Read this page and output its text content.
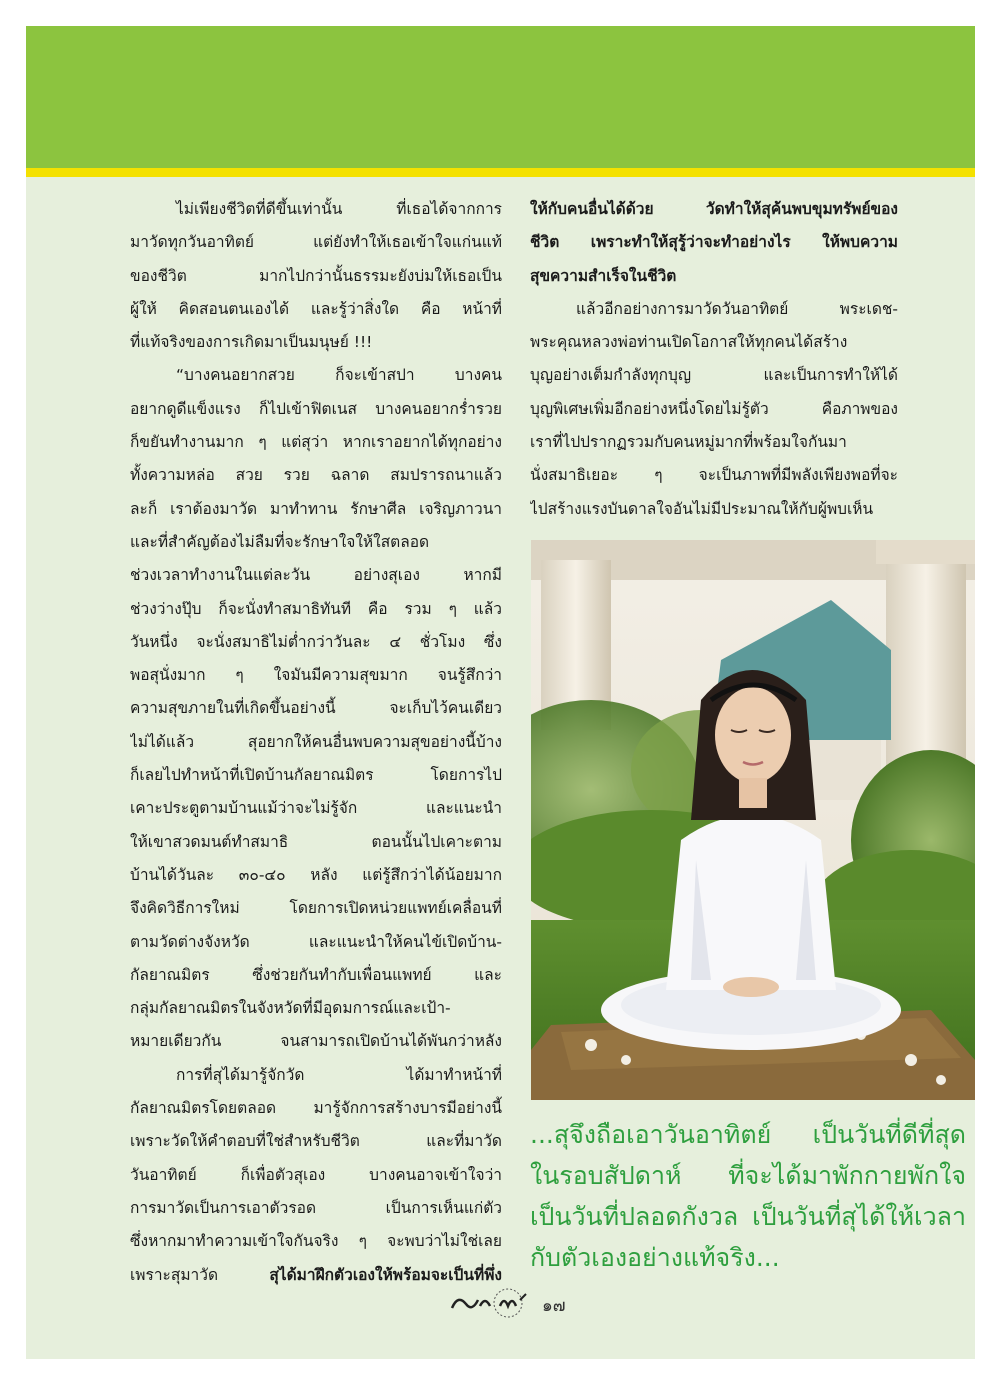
ไม่เพียงชีวิตที่ดีขึ้นเท่านั้น ที่เธอได้จากการ
มาวัดทุกวันอาทิตย์ แต่ยังทำให้เธอเข้าใจแก่นแท้
ของชีวิต มากไปกว่านั้นธรรมะยังบ่มให้เธอเป็น
ผู้ให้ คิดสอนตนเองได้ และรู้ว่าสิ่งใด คือ หน้าที่
ที่แท้จริงของการเกิดมาเป็นมนุษย์ !!!
“บางคนอยากสวย ก็จะเข้าสปา บางคน
อยากดูดีแข็งแรง ก็ไปเข้าฟิตเนส บางคนอยากร่ำรวย
ก็ขยันทำงานมาก ๆ แต่สุว่า หากเราอยากได้ทุกอย่าง
ทั้งความหล่อ สวย รวย ฉลาด สมปรารถนาแล้ว
ละก็ เราต้องมาวัด มาทำทาน รักษาศีล เจริญภาวนา
และที่สำคัญต้องไม่ลืมที่จะรักษาใจให้ใสตลอด
ช่วงเวลาทำงานในแต่ละวัน อย่างสุเอง หากมี
ช่วงว่างปุ๊บ ก็จะนั่งทำสมาธิทันที คือ รวม ๆ แล้ว
วันหนึ่ง จะนั่งสมาธิไม่ต่ำกว่าวันละ ๔ ชั่วโมง ซึ่ง
พอสุนั่งมาก ๆ ใจมันมีความสุขมาก จนรู้สึกว่า
ความสุขภายในที่เกิดขึ้นอย่างนี้ จะเก็บไว้คนเดียว
ไม่ได้แล้ว สุอยากให้คนอื่นพบความสุขอย่างนี้บ้าง
ก็เลยไปทำหน้าที่เปิดบ้านกัลยาณมิตร โดยการไป
เคาะประตูตามบ้านแม้ว่าจะไม่รู้จัก และแนะนำ
ให้เขาสวดมนต์ทำสมาธิ ตอนนั้นไปเคาะตาม
บ้านได้วันละ ๓๐-๔๐ หลัง แต่รู้สึกว่าได้น้อยมาก
จึงคิดวิธีการใหม่ โดยการเปิดหน่วยแพทย์เคลื่อนที่
ตามวัดต่างจังหวัด และแนะนำให้คนไข้เปิดบ้าน-
กัลยาณมิตร ซึ่งช่วยกันทำกับเพื่อนแพทย์ และ
กลุ่มกัลยาณมิตรในจังหวัดที่มีอุดมการณ์และเป้า-
หมายเดียวกัน จนสามารถเปิดบ้านได้พันกว่าหลัง
การที่สุได้มารู้จักวัด ได้มาทำหน้าที่
กัลยาณมิตรโดยตลอด มารู้จักการสร้างบารมีอย่างนี้
เพราะวัดให้คำตอบที่ใช่สำหรับชีวิต และที่มาวัด
วันอาทิตย์ ก็เพื่อตัวสุเอง บางคนอาจเข้าใจว่า
การมาวัดเป็นการเอาตัวรอด เป็นการเห็นแก่ตัว
ซึ่งหากมาทำความเข้าใจกันจริง ๆ จะพบว่าไม่ใช่เลย
เพราะสุมาวัด สุได้มาฝึกตัวเองให้พร้อมจะเป็นที่พึ่ง
ให้กับคนอื่นได้ด้วย วัดทำให้สุค้นพบขุมทรัพย์ของ
ชีวิต เพราะทำให้สุรู้ว่าจะทำอย่างไร ให้พบความ
สุขความสำเร็จในชีวิต
แล้วอีกอย่างการมาวัดวันอาทิตย์ พระเดช-
พระคุณหลวงพ่อท่านเปิดโอกาสให้ทุกคนได้สร้าง
บุญอย่างเต็มกำลังทุกบุญ และเป็นการทำให้ได้
บุญพิเศษเพิ่มอีกอย่างหนึ่งโดยไม่รู้ตัว คือภาพของ
เราที่ไปปรากฏรวมกับคนหมู่มากที่พร้อมใจกันมา
นั่งสมาธิเยอะ ๆ จะเป็นภาพที่มีพลังเพียงพอที่จะ
ไปสร้างแรงบันดาลใจอันไม่มีประมาณให้กับผู้พบเห็น
...สุจึงถือเอาวันอาทิตย์ เป็นวันที่ดีที่สุด
ในรอบสัปดาห์ ที่จะได้มาพักกายพักใจ
เป็นวันที่ปลอดกังวล เป็นวันที่สุได้ให้เวลา
กับตัวเองอย่างแท้จริง...
๑๗
